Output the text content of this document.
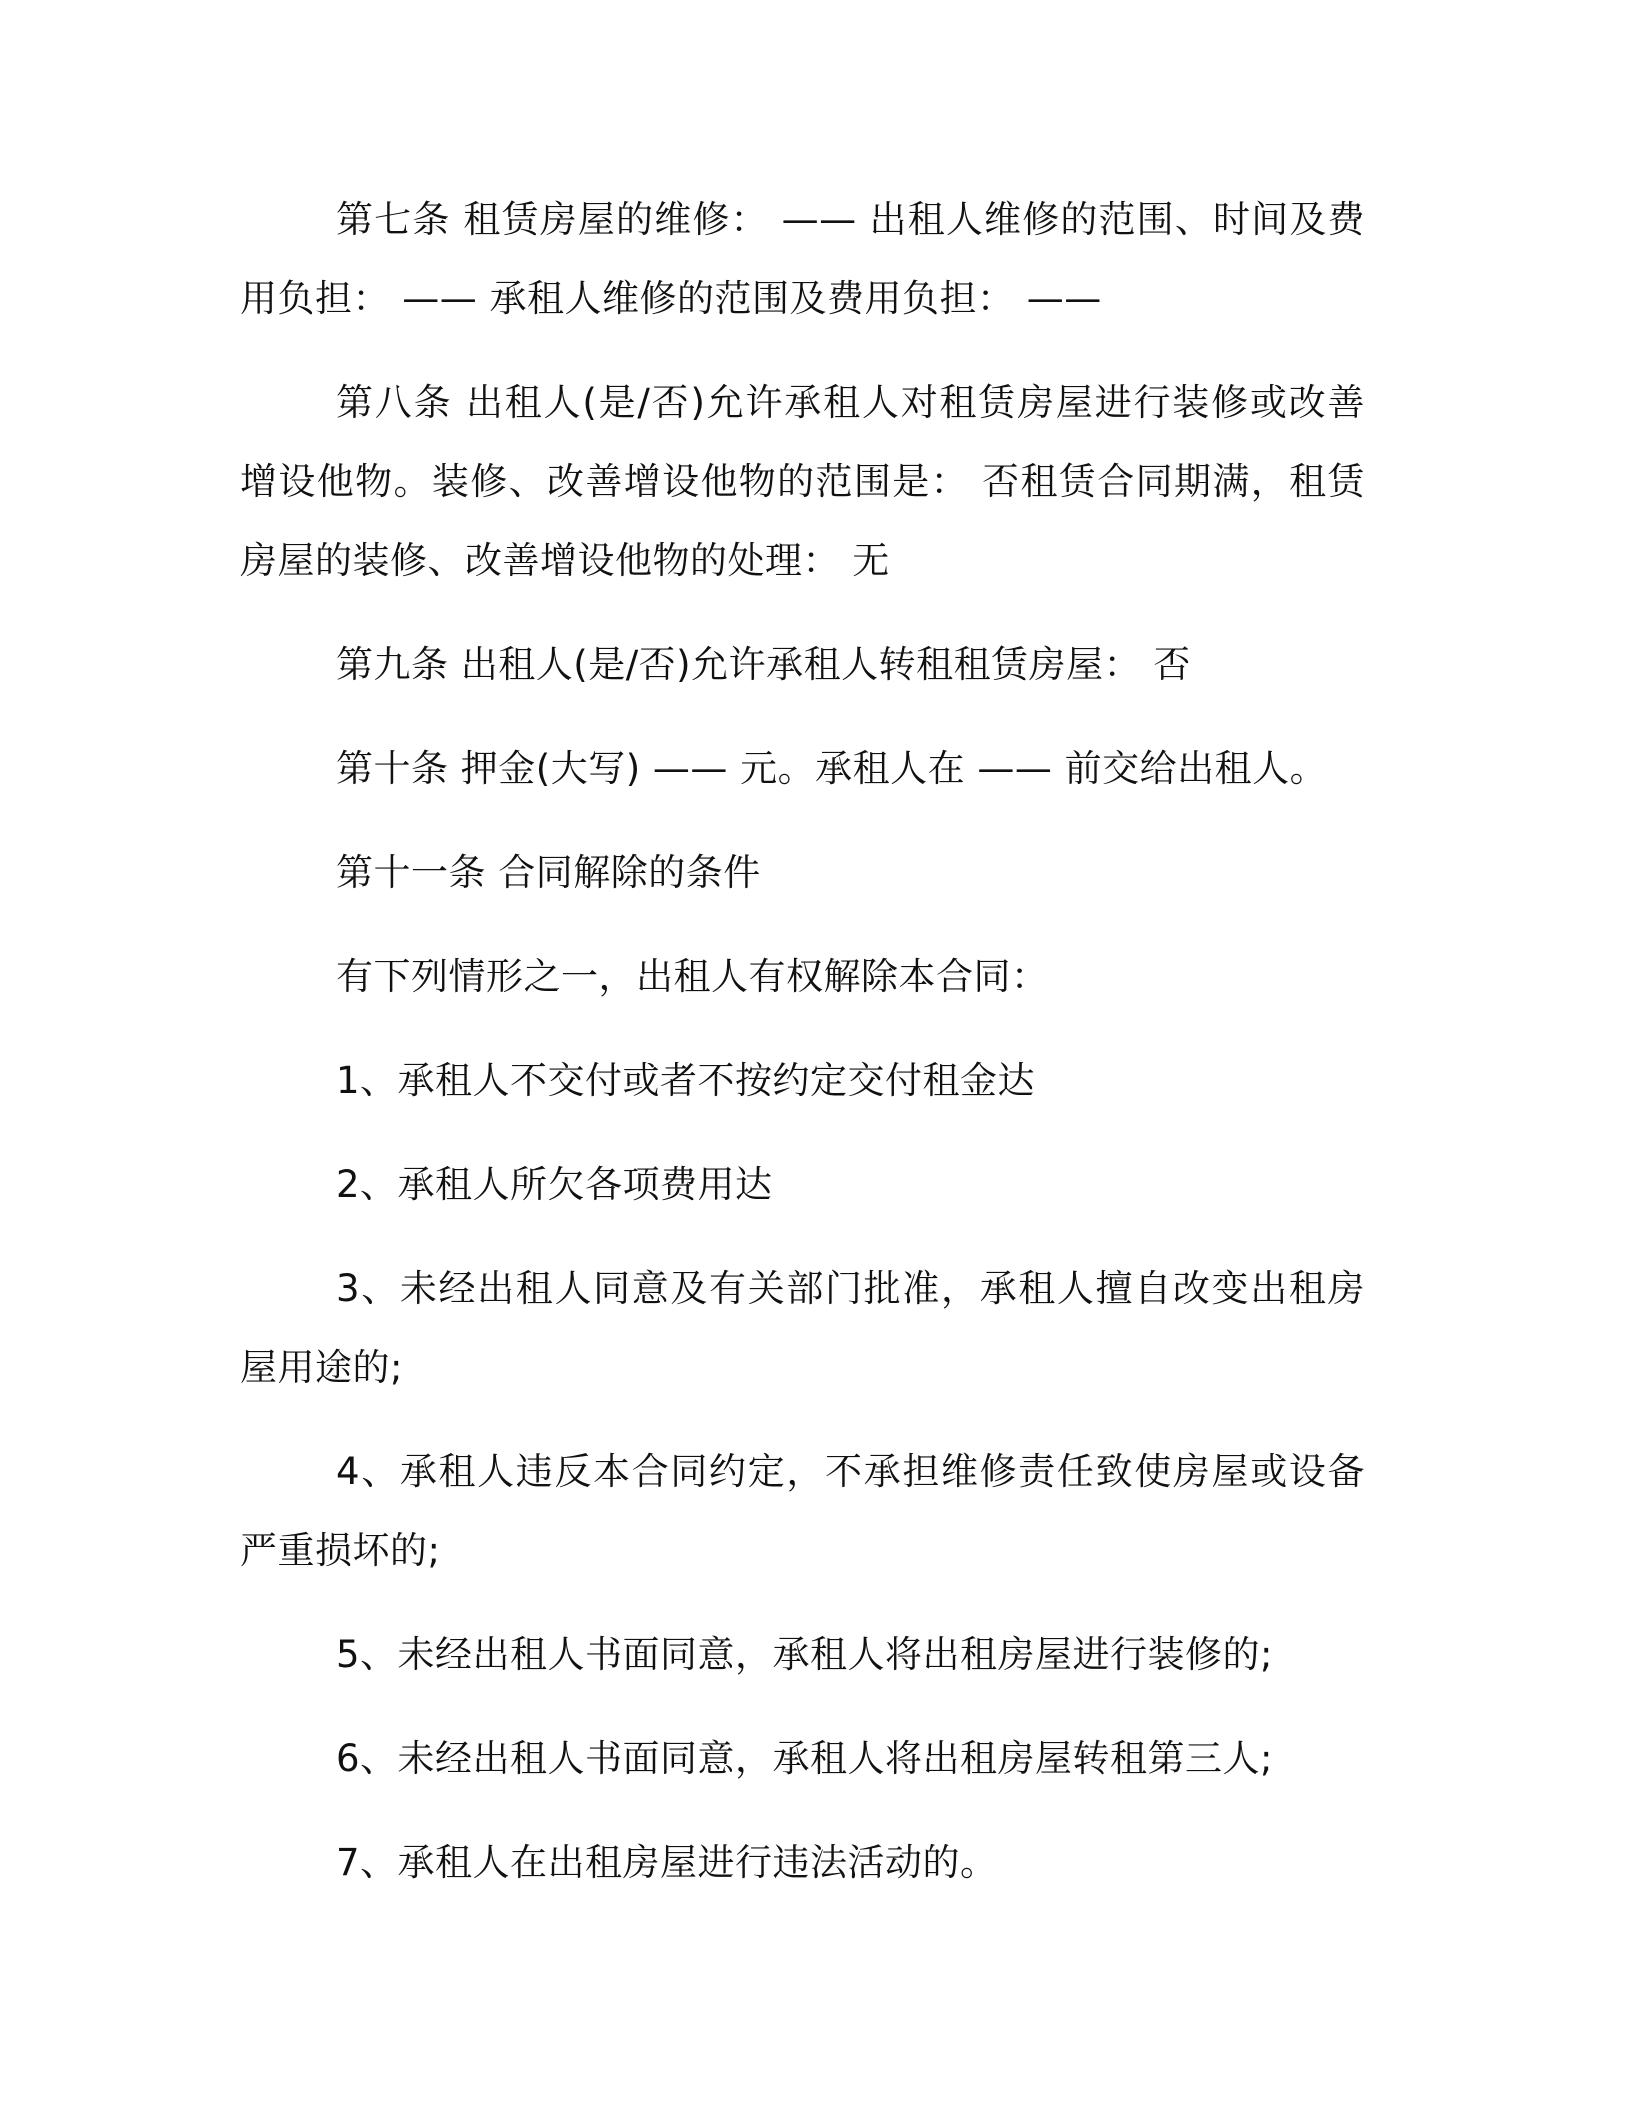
第七条 租赁房屋的维修： —— 出租人维修的范围、时间及费用负担： —— 承租人维修的范围及费用负担： ——

第八条 出租人(是/否)允许承租人对租赁房屋进行装修或改善增设他物。装修、改善增设他物的范围是： 否租赁合同期满，租赁房屋的装修、改善增设他物的处理： 无

第九条 出租人(是/否)允许承租人转租租赁房屋： 否

第十条 押金(大写) —— 元。承租人在 —— 前交给出租人。

第十一条 合同解除的条件

有下列情形之一，出租人有权解除本合同：

1、承租人不交付或者不按约定交付租金达

2、承租人所欠各项费用达

3、未经出租人同意及有关部门批准，承租人擅自改变出租房屋用途的;

4、承租人违反本合同约定，不承担维修责任致使房屋或设备严重损坏的;

5、未经出租人书面同意，承租人将出租房屋进行装修的;

6、未经出租人书面同意，承租人将出租房屋转租第三人;

7、承租人在出租房屋进行违法活动的。
